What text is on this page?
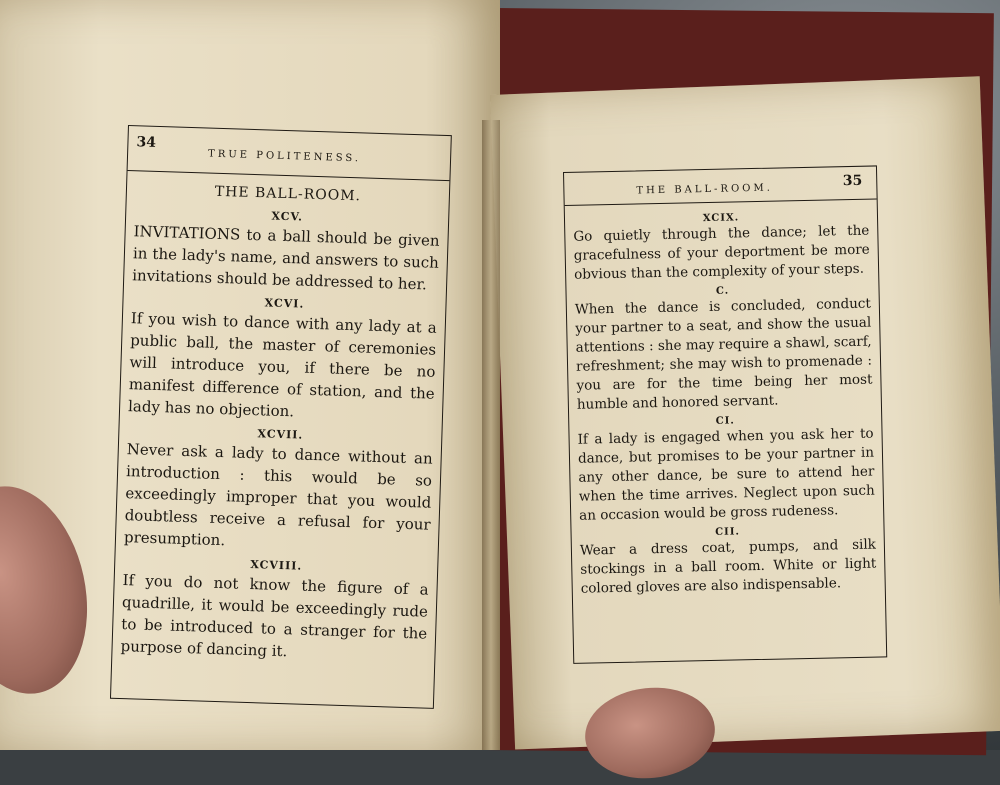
34
TRUE POLITENESS.
THE BALL-ROOM.
XCV.

INVITATIONS to a ball should be given in the lady's name, and answers to such invitations should be addressed to her.

XCVI.

If you wish to dance with any lady at a public ball, the master of ceremonies will introduce you, if there be no manifest difference of station, and the lady has no objection.

XCVII.

Never ask a lady to dance without an introduction : this would be so exceedingly improper that you would doubtless receive a refusal for your presumption.

XCVIII.

If you do not know the figure of a quadrille, it would be exceedingly rude to be introduced to a stranger for the purpose of dancing it.

THE BALL-ROOM.
35
XCIX.

Go quietly through the dance; let the gracefulness of your deportment be more obvious than the complexity of your steps.

C.

When the dance is concluded, conduct your partner to a seat, and show the usual attentions : she may require a shawl, scarf, refreshment; she may wish to promenade : you are for the time being her most humble and honored servant.

CI.

If a lady is engaged when you ask her to dance, but promises to be your partner in any other dance, be sure to attend her when the time arrives. Neglect upon such an occasion would be gross rudeness.

CII.

Wear a dress coat, pumps, and silk stockings in a ball room. White or light colored gloves are also indispensable.
